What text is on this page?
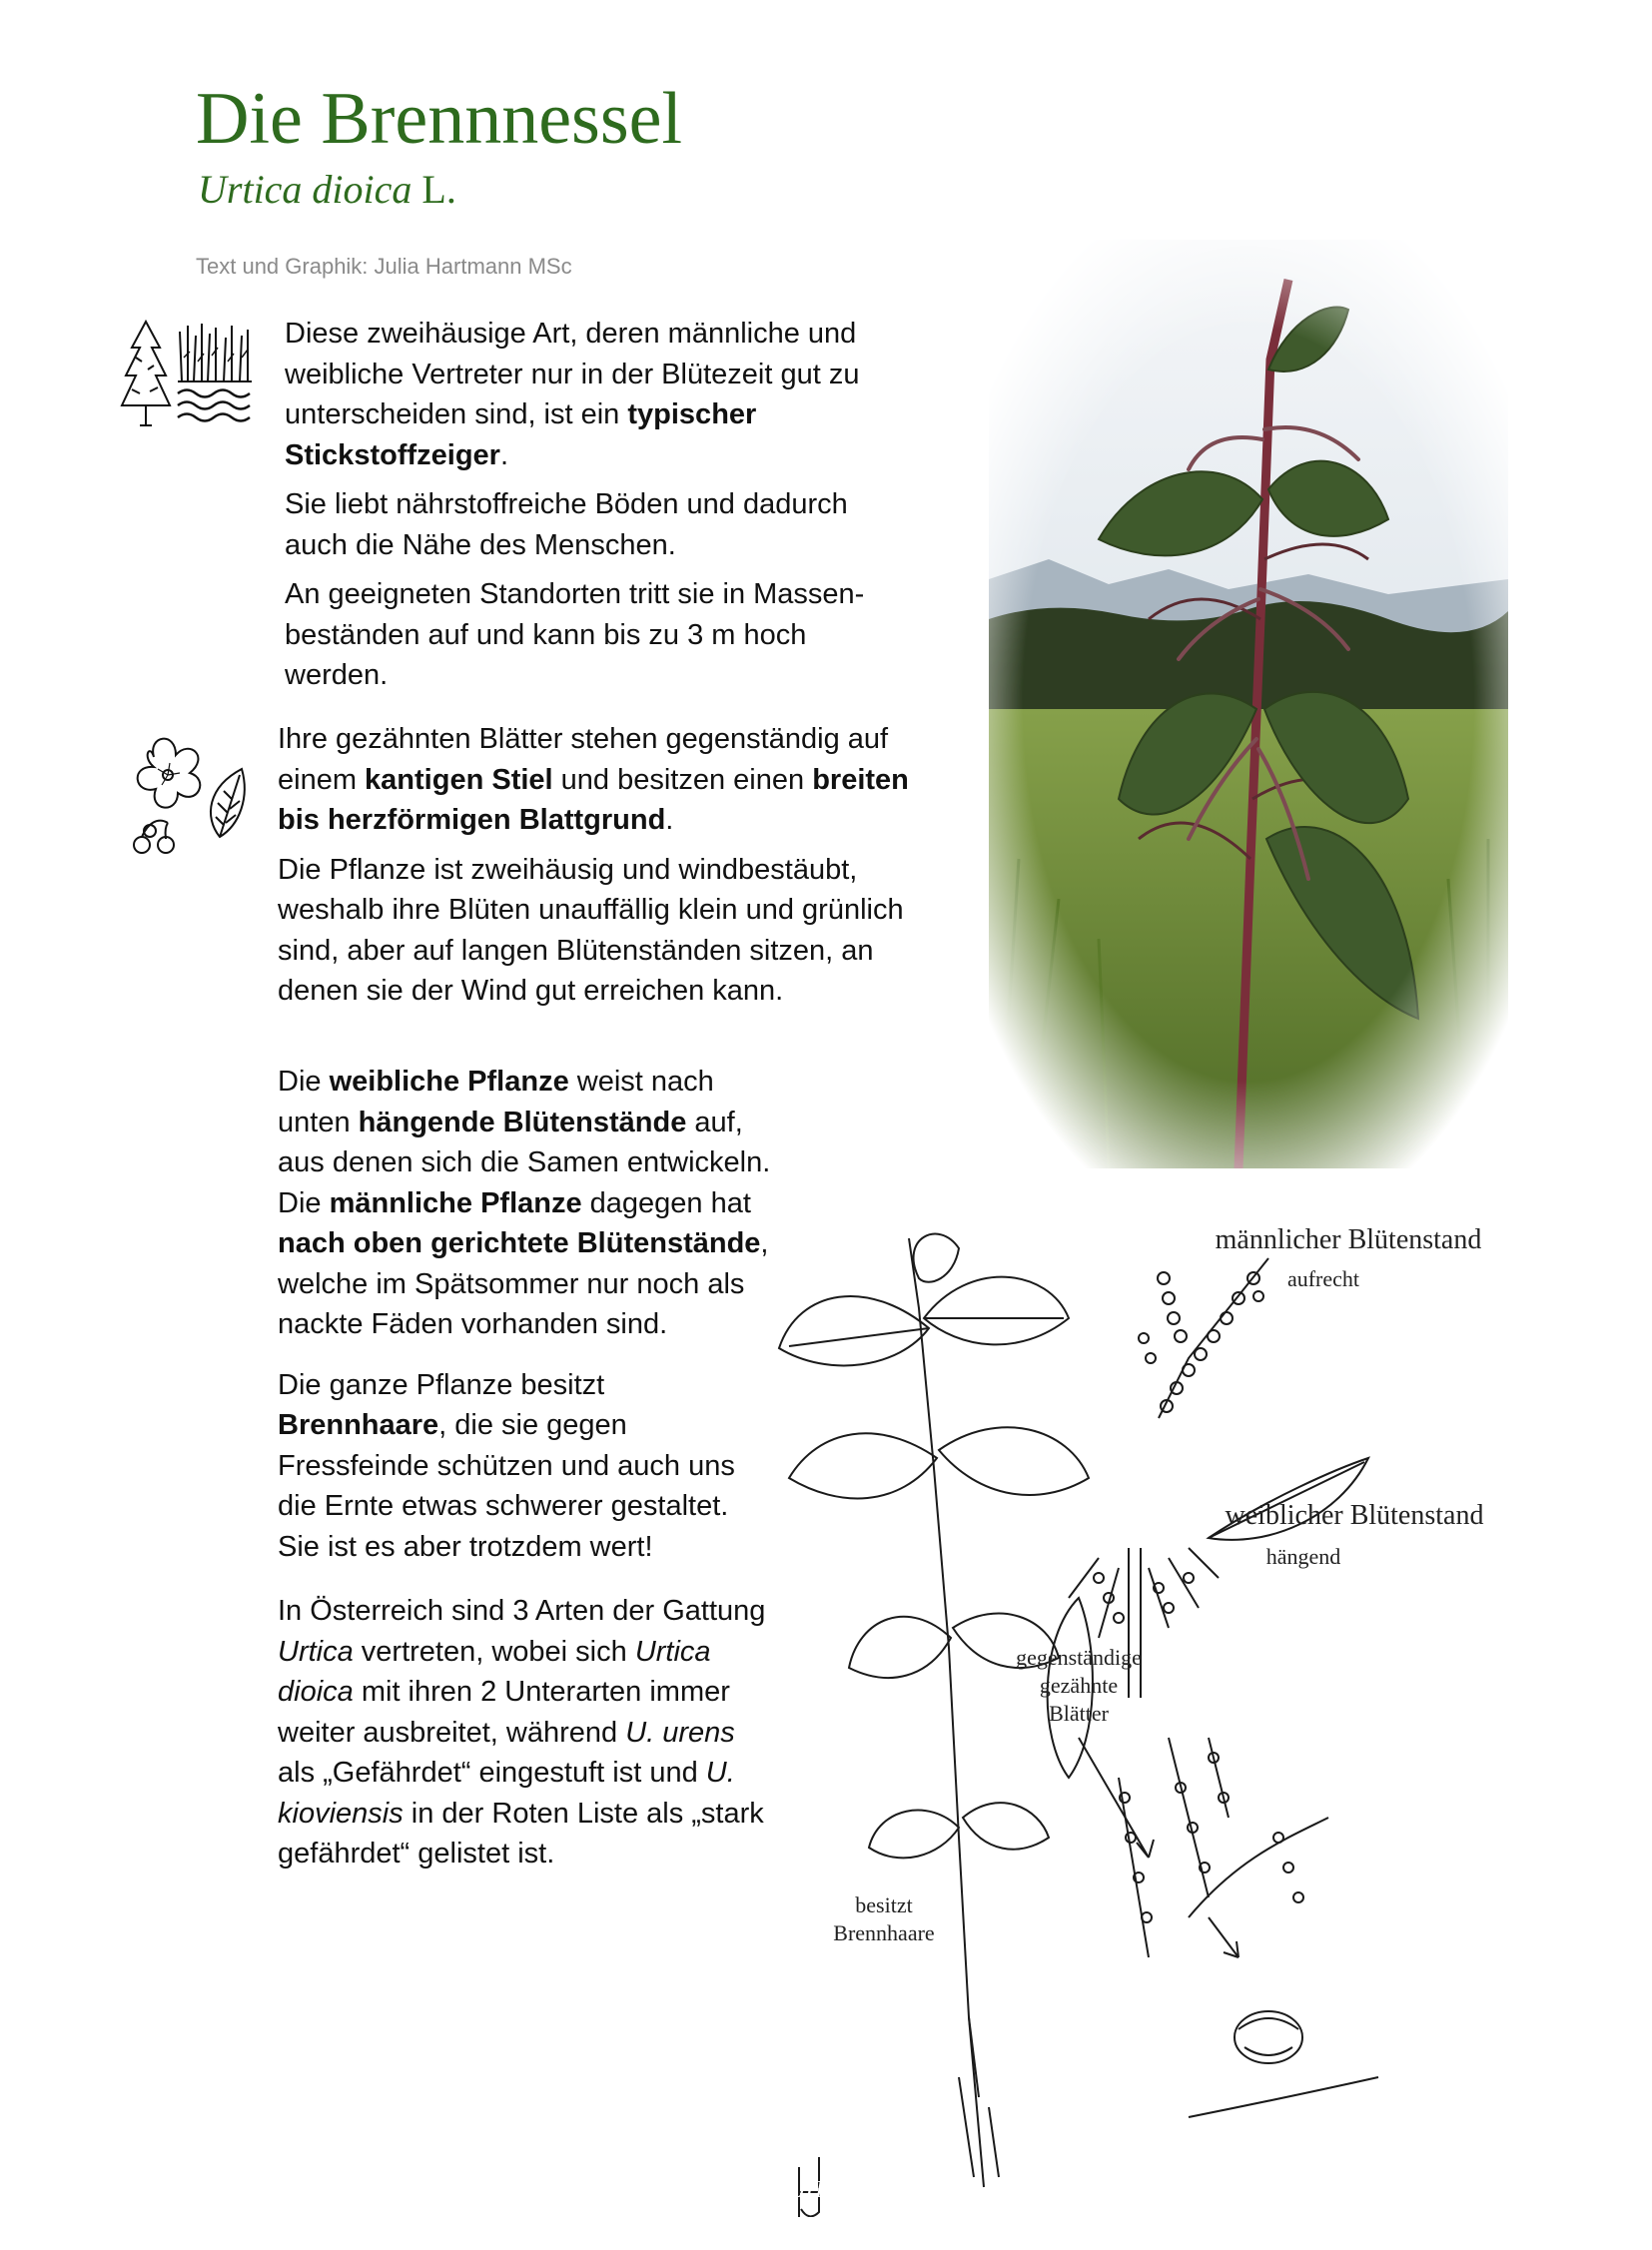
Die Brennnessel
Urtica dioica L.
Text und Graphik: Julia Hartmann MSc

Diese zweihäusige Art, deren männliche und weibliche Vertreter nur in der Blütezeit gut zu unterscheiden sind, ist ein typischer Stickstoffzeiger.

Sie liebt nährstoffreiche Böden und dadurch auch die Nähe des Menschen.

An geeigneten Standorten tritt sie in Massen-beständen auf und kann bis zu 3 m hoch werden.

Ihre gezähnten Blätter stehen gegenständig auf einem kantigen Stiel und besitzen einen breiten bis herzförmigen Blattgrund.

Die Pflanze ist zweihäusig und windbestäubt, weshalb ihre Blüten unauffällig klein und grünlich sind, aber auf langen Blütenständen sitzen, an denen sie der Wind gut erreichen kann.

Die weibliche Pflanze weist nach unten hängende Blütenstände auf, aus denen sich die Samen entwickeln. Die männliche Pflanze dagegen hat nach oben gerichtete Blütenstände, welche im Spätsommer nur noch als nackte Fäden vorhanden sind.

Die ganze Pflanze besitzt Brennhaare, die sie gegen Fressfeinde schützen und auch uns die Ernte etwas schwerer gestaltet. Sie ist es aber trotzdem wert!

In Österreich sind 3 Arten der Gattung Urtica vertreten, wobei sich Urtica dioica mit ihren 2 Unterarten immer weiter ausbreitet, während U. urens als „Gefährdet“ eingestuft ist und U. kioviensis in der Roten Liste als „stark gefährdet“ gelistet ist.

männlicher Blütenstand
aufrecht
weiblicher Blütenstand
hängend
gegenständige
gezähnte
Blätter
besitzt
Brennhaare
JH
